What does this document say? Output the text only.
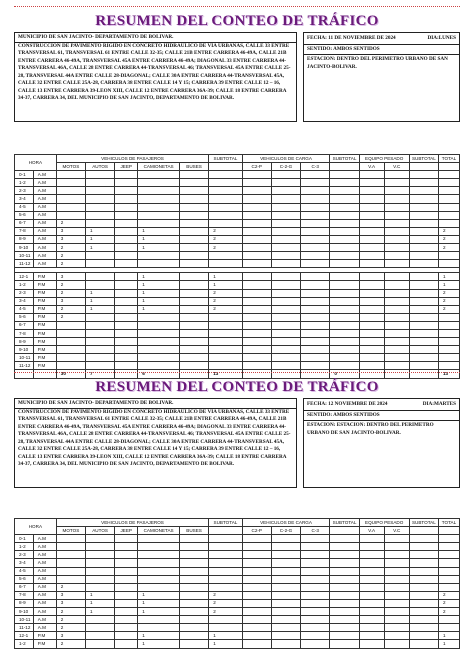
RESUMEN DEL CONTEO DE TRÁFICO
MUNICIPIO DE SAN JACINTO- DEPARTAMENTO DE BOLIVAR.
CONSTRUCCION DE PAVIMENTO RIGIDO EN CONCRETO HIDRAULICO DE VIA URBANAS, CALLE 33 ENTRE TRANSVERSAL 61, TRANSVERSAL 61 ENTRE CALLE 32-35; CALLE 21B ENTRE CARRERA 46-49A, CALLE 21B ENTRE CARRERA 46-49A, TRANSVERSAL 45A ENTRE CARRERA 46-49A; DIAGONAL 33 ENTRE CARRERA 44-TRANSVERSAL 46A, CALLE 28 ENTRE CARRERA 44-TRANSVERSAL 46; TRANSVERSAL 45A ENTRE CALLE 25-28, TRANSVERSAL 44A ENTRE CALLE 28-DIAGONAL; CALLE 30A ENTRE CARRERA 44-TRANSVERSAL 45A, CALLE 32 ENTRE CALLE 25A-28, CARRERA 38 ENTRE CALLE 14 Y 15; CARRERA 39 ENTRE CALLE 12 – 16, CALLE 13 ENTRE CARRERA 39-LEON XIII, CALLE 12 ENTRE CARRERA 36A-39; CALLE 18 ENTRE CARRERA 34-37, CARRERA 34, DEL MUNICIPIO DE SAN JACINTO, DEPARTAMENTO DE BOLIVAR.
FECHA: 11 DE NOVIEMBRE DE 2024	DIA:LUNES
SENTIDO: AMBOS SENTIDOS
ESTACION: DENTRO DEL PERIMETRO URBANO DE SAN JACINTO-BOLIVAR.
HORA		VEHICULOS DE PASAJEROS					SUBTOTAL	VEHICULOS DE CARGA			SUBTOTAL	EQUIPO PESADO		SUBTOTAL	TOTAL
		MOTOS	AUTOS	JEEP	CAMIONETAS	BUSES		C2-P	C-2-G	C-3		V.A	V.C		
0-1	A.M														
1-2	A.M														
2-3	A.M														
3-4	A.M														
4-5	A.M														
5-6	A.M														
6-7	A.M	2													
7-8	A.M	3	1		1		2								2
8-9	A.M	3	1		1		2								2
9-10	A.M	2	1		1		2								2
10-11	A.M	2													
11-12	A.M	2													

12-1	P.M	3			1		1								1
1-2	P.M	2			1		1								1
2-3	P.M	2	1		1		2								2
3-4	P.M	3	1		1		2								2
4-5	P.M	2	1		1		2								2
5-6	P.M	2													
6-7	P.M														
7-8	P.M														
8-9	P.M														
9-10	P.M														
10-11	P.M														
11-12	P.M														
		30	7		6		13				0				13
RESUMEN DEL CONTEO DE TRÁFICO
MUNICIPIO DE SAN JACINTO- DEPARTAMENTO DE BOLIVAR.
CONSTRUCCION DE PAVIMENTO RIGIDO EN CONCRETO HIDRAULICO DE VIA URBANAS, CALLE 33 ENTRE TRANSVERSAL 61, TRANSVERSAL 61 ENTRE CALLE 32-35; CALLE 21B ENTRE CARRERA 46-49A, CALLE 21B ENTRE CARRERA 46-49A, TRANSVERSAL 45A ENTRE CARRERA 46-49A; DIAGONAL 33 ENTRE CARRERA 44-TRANSVERSAL 46A, CALLE 28 ENTRE CARRERA 44-TRANSVERSAL 46; TRANSVERSAL 45A ENTRE CALLE 25-28, TRANSVERSAL 44A ENTRE CALLE 28-DIAGONAL; CALLE 30A ENTRE CARRERA 44-TRANSVERSAL 45A, CALLE 32 ENTRE CALLE 25A-28, CARRERA 38 ENTRE CALLE 14 Y 15; CARRERA 39 ENTRE CALLE 12 – 16, CALLE 13 ENTRE CARRERA 39-LEON XIII, CALLE 12 ENTRE CARRERA 36A-39; CALLE 18 ENTRE CARRERA 34-37, CARRERA 34, DEL MUNICIPIO DE SAN JACINTO, DEPARTAMENTO DE BOLIVAR.
FECHA: 12 NOVIEMBRE DE 2024	DIA:MARTES
SENTIDO: AMBOS SENTIDOS
ESTACION: ESTACION: DENTRO DEL PERIMETRO URBANO DE SAN JACINTO-BOLIVAR.
HORA		VEHICULOS DE PASAJEROS					SUBTOTAL	VEHICULOS DE CARGA			SUBTOTAL	EQUIPO PESADO		SUBTOTAL	TOTAL
		MOTOS	AUTOS	JEEP	CAMIONETAS	BUSES		C2-P	C-2-G	C-3		V.A	V.C		
0-1	A.M														
1-2	A.M														
2-3	A.M														
3-4	A.M														
4-5	A.M														
5-6	A.M														
6-7	A.M	2													
7-8	A.M	3	1		1		2								2
8-9	A.M	3	1		1		2								2
9-10	A.M	2	1		1		2								2
10-11	A.M	2													
11-12	A.M	2													
12-1	P.M	3			1		1								1
1-2	P.M	2			1		1								1
